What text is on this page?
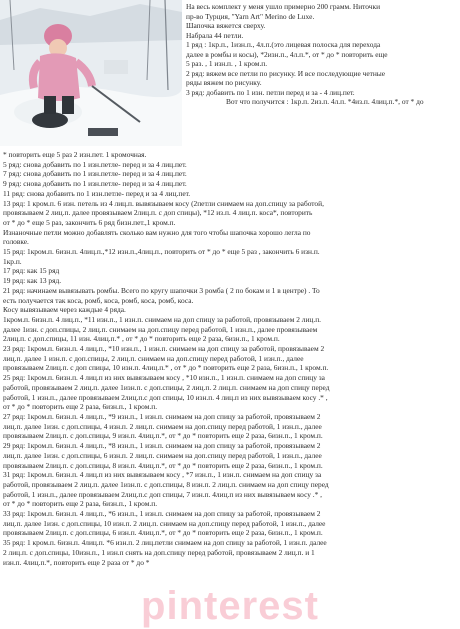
На весь комплект у меня ушло примерно 200 грамм. Ниточки

пр-во Турция, "Yarn Art" Merino de Luxe.

Шапочка вяжется сверху.

Набрала 44 петли.

1 ряд : 1кр.п., 1изн.п., 4л.п.(это лицевая полоска для перехода

далее в ромбы и косы), *2изн.п., 4л.п.*, от * до * повторить еще

5 раз. , 1 изн.п. , 1 кром.п.

2 ряд: вяжем все петли по рисунку. И все последующие четные

ряды вяжем по рисунку.

3 ряд: добавить по 1 изн. петли перед и за - 4 лиц.пет.

Вот что получится : 1кр.п. 2из.п. 4л.п. *4из.п. 4лиц.п.*, от * до

* повторить еще 5 раз 2 изн.пет. 1 кромочная.

5 ряд: снова добавить по 1 изн.петле- перед и за 4 лиц.пет.

7 ряд: снова добавить по 1 изн.петле- перед и за 4 лиц.пет.

9 ряд: снова добавить по 1 изн.петле- перед и за 4 лиц.пет.

11 ряд: снова добавить по 1 изн.петле- перед и за 4 лиц.пет.

13 ряд: 1 кром.п. 6 изн. петель из 4 лиц.п. вывязываем косу (2петли снимаем на доп.спицу за работой,

провязываем 2 лиц.п. далее провязываем 2лиц.п. с доп спицы), *12 из.п. 4 лиц.п. коса*, повторить

от * до * еще 5 раз, закончить 6 ряд бизн.пет.,1 кром.п.

Изнаночные петли можно добавлять сколько вам нужно для того чтобы шапочка хорошо легла по

головке.

15 ряд: 1кром.п. 6изн.п. 4лиц.п.,*12 изн.п.,4лиц.п., повторить от * до * еще 5 раз , закончить 6 изн.п.

1кр.п.

17 ряд: как 15 ряд

19 ряд: как 13 ряд.

21 ряд: начинаем вывязывать ромбы. Всего по кругу шапочки 3 ромба ( 2 по бокам и 1 в центре) . То

есть получается так коса, ромб, коса, ромб, коса, ромб, коса.

Косу вывязываем через каждые 4 ряда.

1кром.п. 6изн.п. 4 лиц.п., *11 изн.п., 1 изн.п. снимаем на доп спицу за работой, провязываем 2 лиц.п.

далее 1изн. с доп.спицы, 2 лиц.п. снимаем на доп.спицу перед работой, 1 изн.п., далее провязываем

2лиц.п. с доп.спицы, 11 изн. 4лиц.п.* , от * до * повторить еще 2 раза, 6изн.п., 1 кром.п.

23 ряд: 1кром.п. 6изн.п. 4 лиц.п., *10 изн.п., 1 изн.п. снимаем на доп спицу за работой, провязываем 2

лиц.п. далее 1 изн.п. с доп.спицы, 2 лиц.п. снимаем на доп.спицу перед работой, 1 изн.п., далее

провязываем 2лиц.п. с доп спицы, 10 изн.п. 4лиц.п.* , от * до * повторить еще 2 раза, 6изн.п., 1 кром.п.

25 ряд: 1кром.п. 6изн.п. 4 лиц.п из них вывязываем косу , *10 изн.п., 1 изн.п. снимаем на доп спицу за

работой, провязываем 2 лиц.п. далее 1изн.п. с доп.спицы, 2 лиц.п. 2 лиц.п. снимаем на доп спицу перед

работой, 1 изн.п., далее провязываем 2лиц.п.с доп спицы, 10 изн.п. 4 лиц.п из них вывязываем косу .* ,

от * до * повторить еще 2 раза, 6изн.п., 1 кром.п.

27 ряд: 1кром.п. 6изн.п. 4 лиц.п., *9 изн.п., 1 изн.п. снимаем на доп спицу за работой, провязываем 2

лиц.п. далее 1изн. с доп.спицы, 4 изн.п. 2 лиц.п. снимаем на доп.спицу перед работой, 1 изн.п., далее

провязываем 2лиц.п. с доп.спицы, 9 изн.п. 4лиц.п.*, от * до * повторить еще 2 раза, 6изн.п., 1 кром.п.

29 ряд: 1кром.п. 6изн.п. 4 лиц.п., *8 изн.п., 1 изн.п. снимаем на доп спицу за работой, провязываем 2

лиц.п. далее 1изн. с доп.спицы, 6 изн.п. 2 лиц.п. снимаем на доп.спицу перед работой, 1 изн.п., далее

провязываем 2лиц.п. с доп.спицы, 8 изн.п. 4лиц.п.*, от * до * повторить еще 2 раза, 6изн.п., 1 кром.п.

31 ряд: 1кром.п. 6изн.п. 4 лиц.п из них вывязываем косу , *7 изн.п., 1 изн.п. снимаем на доп спицу за

работой, провязываем 2 лиц.п. далее 1изн.п. с доп.спицы, 8 изн.п. 2 лиц.п. снимаем на доп спицу перед

работой, 1 изн.п., далее провязываем 2лиц.п.с доп спицы, 7 изн.п. 4лиц.п из них вывязываем косу .* ,

от * до * повторить еще 2 раза, 6изн.п., 1 кром.п.

33 ряд: 1кром.п. 6изн.п. 4 лиц.п., *6 изн.п., 1 изн.п. снимаем на доп спицу за работой, провязываем 2

лиц.п. далее 1изн. с доп.спицы, 10 изн.п. 2 лиц.п. снимаем на доп.спицу перед работой, 1 изн.п., далее

провязываем 2лиц.п. с доп.спицы, 6 изн.п. 4лиц.п.*, от * до * повторить еще 2 раза, 6изн.п., 1 кром.п.

35 ряд: 1 кром.п. 6изн.п. 4лиц.п. *6 изн.п. 2 лиц.петли снимаем на доп спицу за работой, 1 изн.п. далее

2 лиц.п. с доп.спицы, 10изн.п., 1 изн.п снять на доп.спицу перед работой, провязываем 2 лиц.п. и 1

изн.п. 4лиц.п.*, повторить еще 2 раза от * до *

pinterest
